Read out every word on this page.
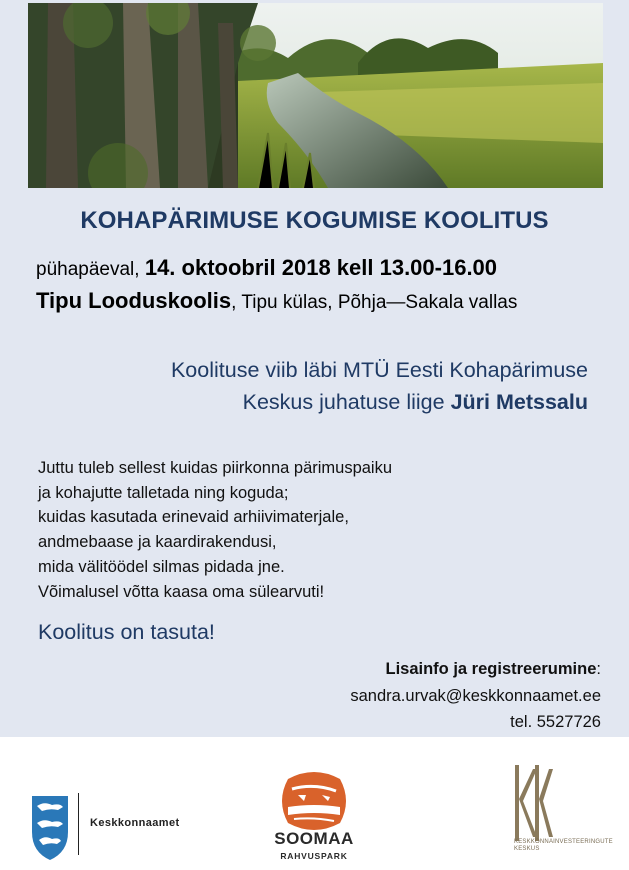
KOHAPÄRIMUSE KOGUMISE KOOLITUS
pühapäeval, 14. oktoobril 2018 kell 13.00-16.00
Tipu Looduskoolis, Tipu külas, Põhja—Sakala vallas
Koolituse viib läbi MTÜ Eesti Kohapärimuse
Keskus juhatuse liige Jüri Metssalu
Juttu tuleb sellest kuidas piirkonna pärimuspaiku
ja kohajutte talletada ning koguda;
kuidas kasutada erinevaid arhiivimaterjale,
andmebaase ja kaardirakendusi,
mida välitöödel silmas pidada jne.
Võimalusel võtta kaasa oma sülearvuti!
Koolitus on tasuta!
Lisainfo ja registreerumine:
sandra.urvak@keskkonnaamet.ee
tel. 5527726
Keskkonnaamet
SOOMAA
RAHVUSPARK
KESKKONNAINVESTEERINGUTE
KESKUS
